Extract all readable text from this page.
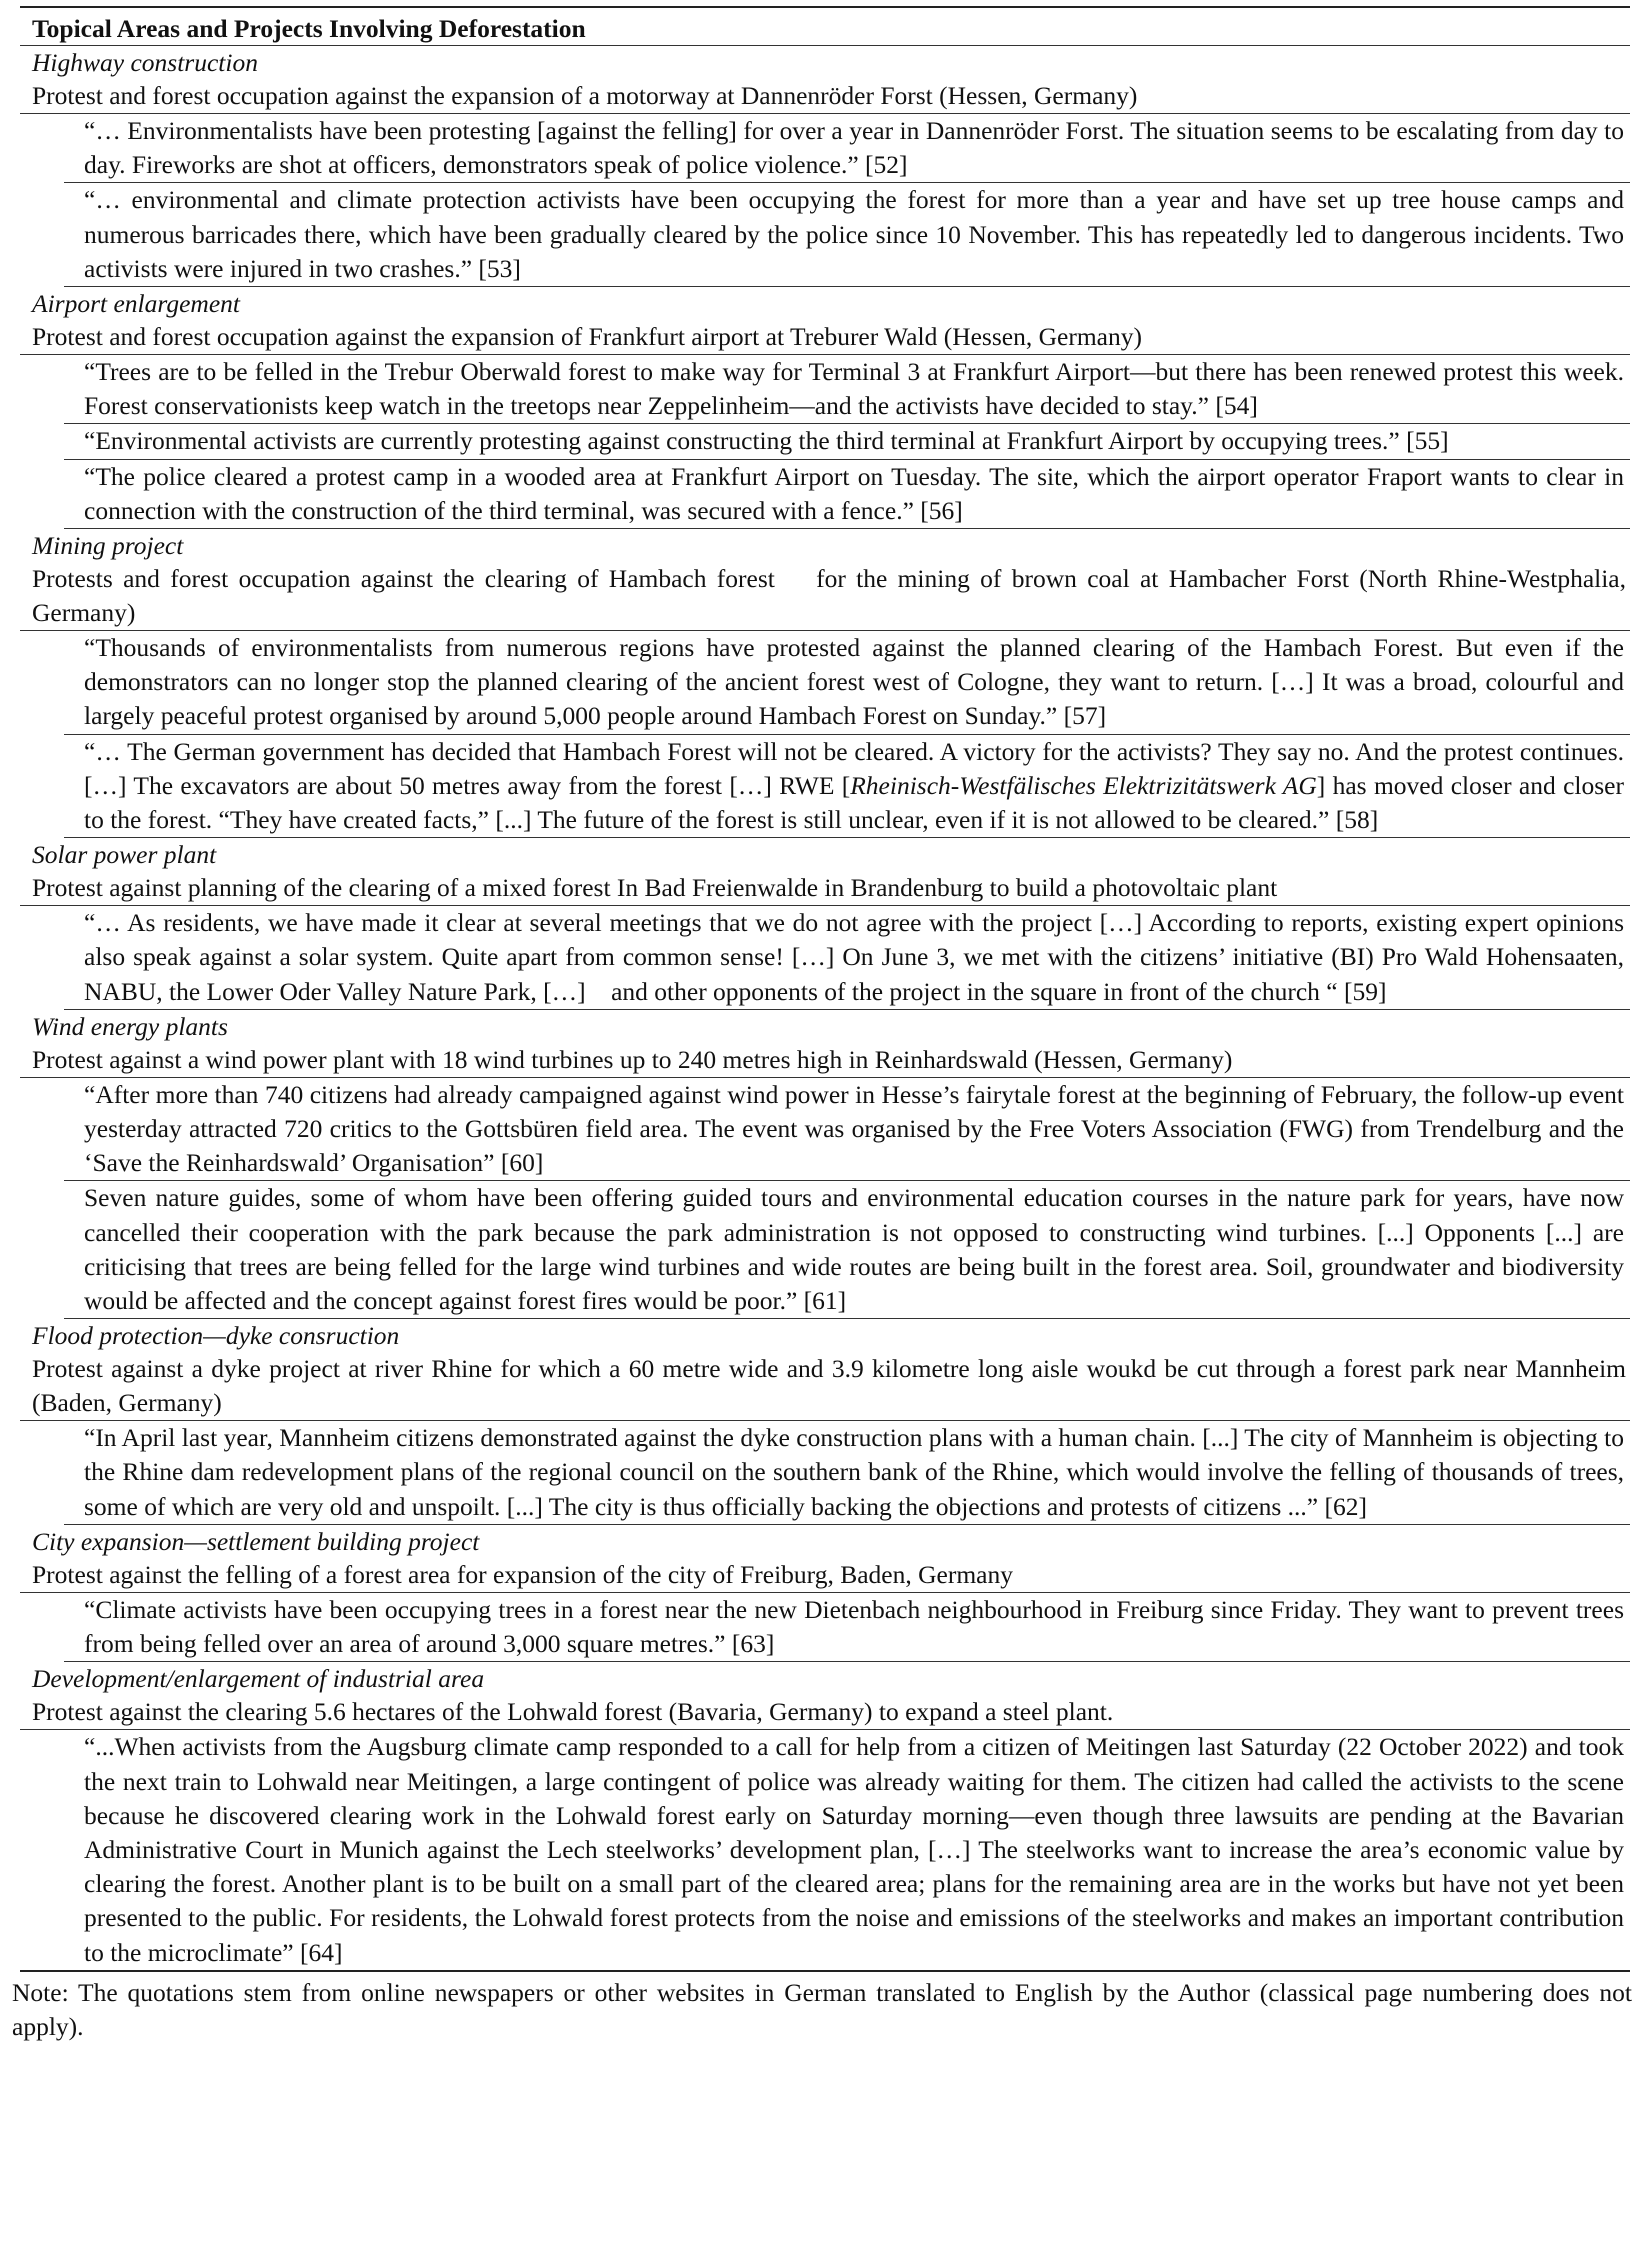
Topical Areas and Projects Involving Deforestation
Highway construction
Protest and forest occupation against the expansion of a motorway at Dannenröder Forst (Hessen, Germany)
“… Environmentalists have been protesting [against the felling] for over a year in Dannenröder Forst. The situation seems to be escalating from day to day. Fireworks are shot at officers, demonstrators speak of police violence.” [52]
“… environmental and climate protection activists have been occupying the forest for more than a year and have set up tree house camps and numerous barricades there, which have been gradually cleared by the police since 10 November. This has repeatedly led to dangerous incidents. Two activists were injured in two crashes.” [53]
Airport enlargement
Protest and forest occupation against the expansion of Frankfurt airport at Treburer Wald (Hessen, Germany)
“Trees are to be felled in the Trebur Oberwald forest to make way for Terminal 3 at Frankfurt Airport—but there has been renewed protest this week. Forest conservationists keep watch in the treetops near Zeppelinheim—and the activists have decided to stay.” [54]
“Environmental activists are currently protesting against constructing the third terminal at Frankfurt Airport by occupying trees.” [55]
“The police cleared a protest camp in a wooded area at Frankfurt Airport on Tuesday. The site, which the airport operator Fraport wants to clear in connection with the construction of the third terminal, was secured with a fence.” [56]
Mining project
Protests and forest occupation against the clearing of Hambach forest    for the mining of brown coal at Hambacher Forst (North Rhine-Westphalia, Germany)
“Thousands of environmentalists from numerous regions have protested against the planned clearing of the Hambach Forest. But even if the demonstrators can no longer stop the planned clearing of the ancient forest west of Cologne, they want to return. […] It was a broad, colourful and largely peaceful protest organised by around 5,000 people around Hambach Forest on Sunday.” [57]
“… The German government has decided that Hambach Forest will not be cleared. A victory for the activists? They say no. And the protest continues. […] The excavators are about 50 metres away from the forest […] RWE [Rheinisch-Westfälisches Elektrizitätswerk AG] has moved closer and closer to the forest. “They have created facts,” [...] The future of the forest is still unclear, even if it is not allowed to be cleared.” [58]
Solar power plant
Protest against planning of the clearing of a mixed forest In Bad Freienwalde in Brandenburg to build a photovoltaic plant
“… As residents, we have made it clear at several meetings that we do not agree with the project […] According to reports, existing expert opinions also speak against a solar system. Quite apart from common sense! […] On June 3, we met with the citizens’ initiative (BI) Pro Wald Hohensaaten, NABU, the Lower Oder Valley Nature Park, […]    and other opponents of the project in the square in front of the church “ [59]
Wind energy plants
Protest against a wind power plant with 18 wind turbines up to 240 metres high in Reinhardswald (Hessen, Germany)
“After more than 740 citizens had already campaigned against wind power in Hesse’s fairytale forest at the beginning of February, the follow-up event yesterday attracted 720 critics to the Gottsbüren field area. The event was organised by the Free Voters Association (FWG) from Trendelburg and the ‘Save the Reinhardswald’ Organisation” [60]
Seven nature guides, some of whom have been offering guided tours and environmental education courses in the nature park for years, have now cancelled their cooperation with the park because the park administration is not opposed to constructing wind turbines. [...] Opponents [...] are criticising that trees are being felled for the large wind turbines and wide routes are being built in the forest area. Soil, groundwater and biodiversity would be affected and the concept against forest fires would be poor.” [61]
Flood protection—dyke consruction
Protest against a dyke project at river Rhine for which a 60 metre wide and 3.9 kilometre long aisle woukd be cut through a forest park near Mannheim (Baden, Germany)
“In April last year, Mannheim citizens demonstrated against the dyke construction plans with a human chain. [...] The city of Mannheim is objecting to the Rhine dam redevelopment plans of the regional council on the southern bank of the Rhine, which would involve the felling of thousands of trees, some of which are very old and unspoilt. [...] The city is thus officially backing the objections and protests of citizens ...” [62]
City expansion—settlement building project
Protest against the felling of a forest area for expansion of the city of Freiburg, Baden, Germany
“Climate activists have been occupying trees in a forest near the new Dietenbach neighbourhood in Freiburg since Friday. They want to prevent trees from being felled over an area of around 3,000 square metres.” [63]
Development/enlargement of industrial area
Protest against the clearing 5.6 hectares of the Lohwald forest (Bavaria, Germany) to expand a steel plant.
“...When activists from the Augsburg climate camp responded to a call for help from a citizen of Meitingen last Saturday (22 October 2022) and took the next train to Lohwald near Meitingen, a large contingent of police was already waiting for them. The citizen had called the activists to the scene because he discovered clearing work in the Lohwald forest early on Saturday morning—even though three lawsuits are pending at the Bavarian Administrative Court in Munich against the Lech steelworks’ development plan, […] The steelworks want to increase the area’s economic value by clearing the forest. Another plant is to be built on a small part of the cleared area; plans for the remaining area are in the works but have not yet been presented to the public. For residents, the Lohwald forest protects from the noise and emissions of the steelworks and makes an important contribution to the microclimate” [64]
Note: The quotations stem from online newspapers or other websites in German translated to English by the Author (classical page numbering does not apply).
